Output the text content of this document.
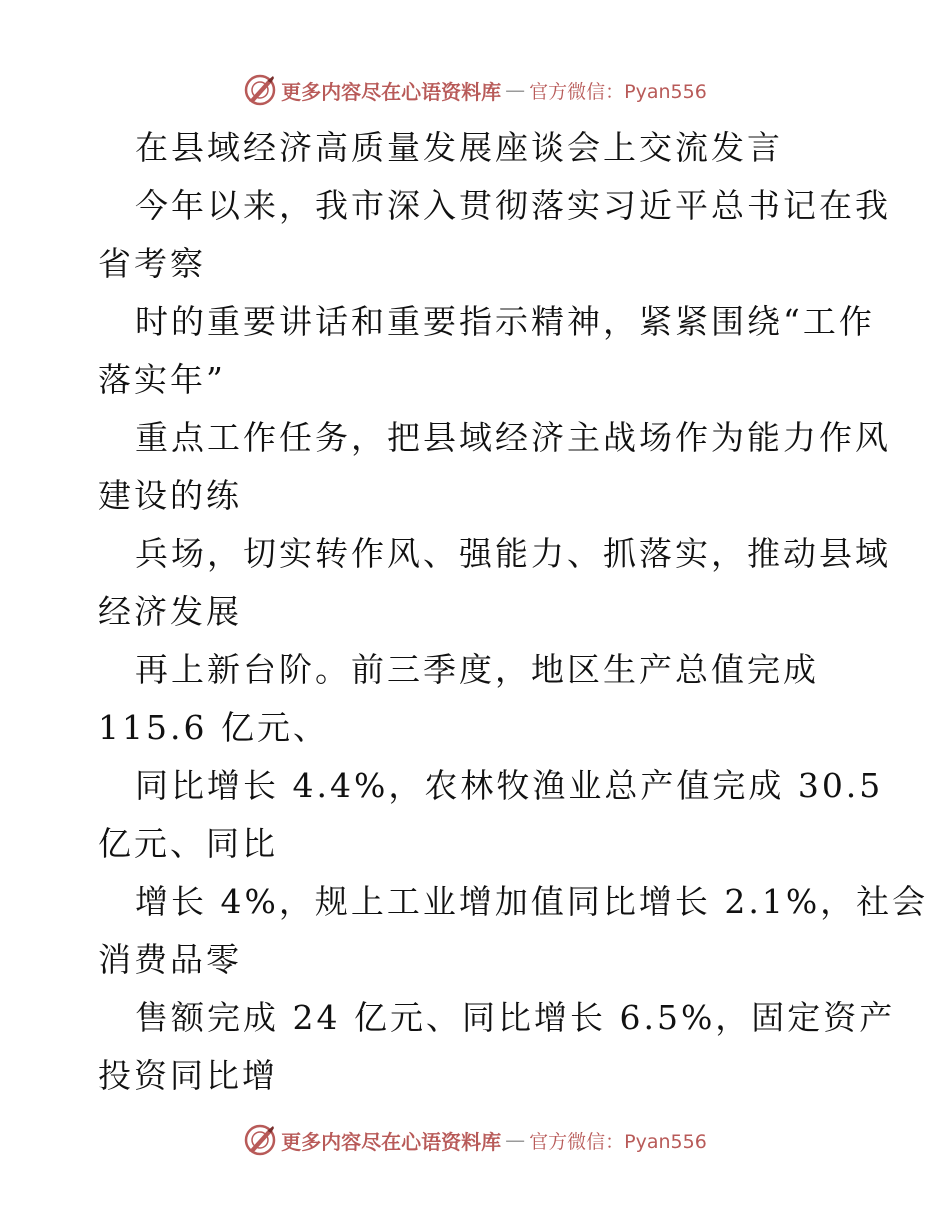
更多内容尽在心语资料库 — 官方微信：Pyan556
在县域经济高质量发展座谈会上交流发言
今年以来，我市深入贯彻落实习近平总书记在我
省考察
时的重要讲话和重要指示精神，紧紧围绕“工作
落实年”
重点工作任务，把县域经济主战场作为能力作风
建设的练
兵场，切实转作风、强能力、抓落实，推动县域
经济发展
再上新台阶。前三季度，地区生产总值完成
115.6 亿元、
同比增长 4.4%，农林牧渔业总产值完成 30.5
亿元、同比
增长 4%，规上工业增加值同比增长 2.1%，社会
消费品零
售额完成 24 亿元、同比增长 6.5%，固定资产
投资同比增
更多内容尽在心语资料库 — 官方微信：Pyan556
